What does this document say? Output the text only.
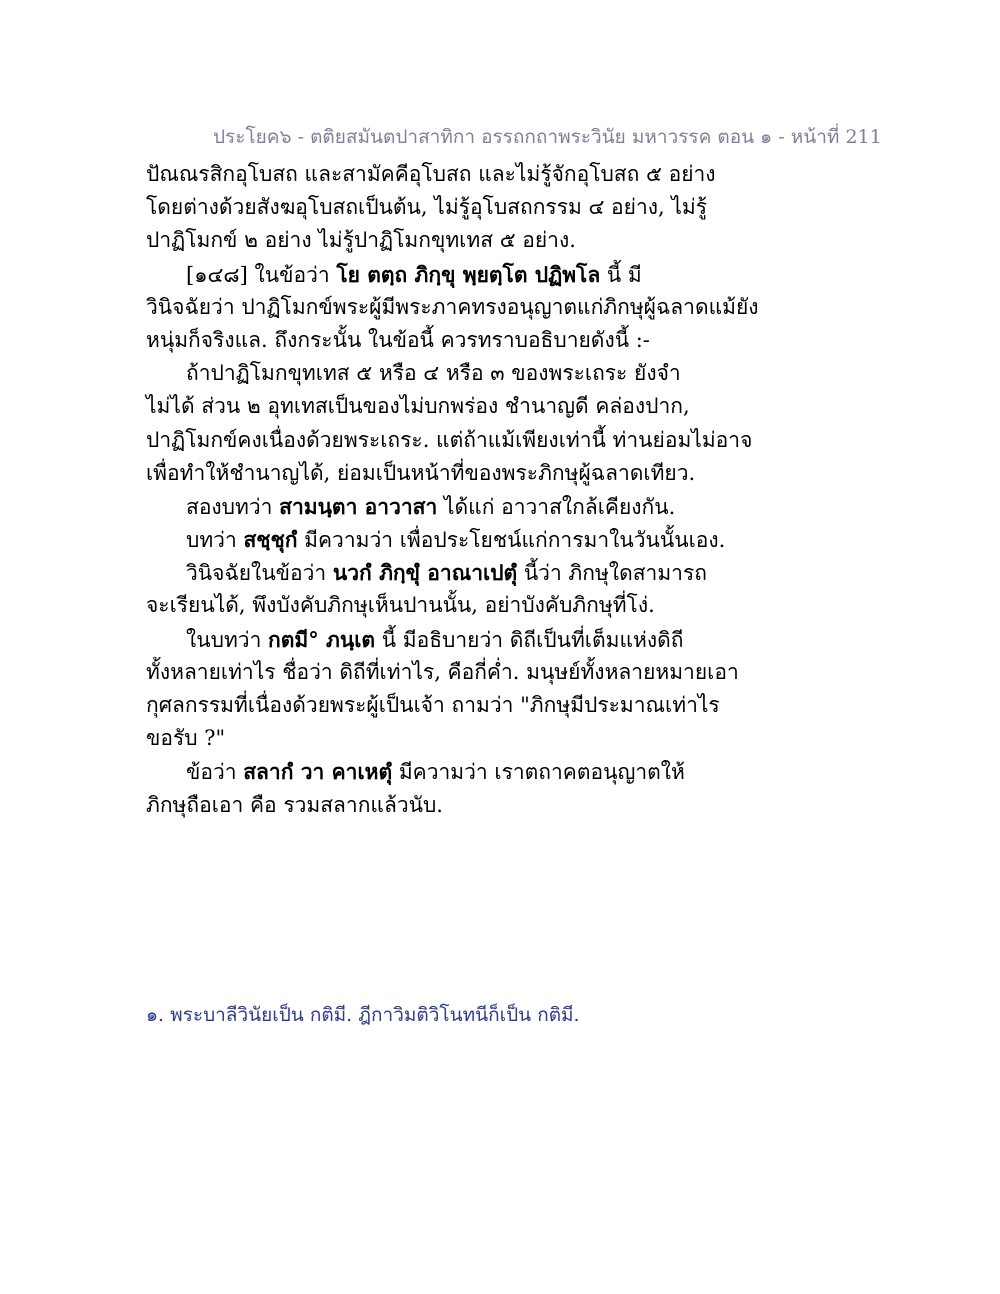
ประโยค๖ - ตติยสมันตปาสาทิกา อรรถกถาพระวินัย มหาวรรค ตอน ๑ - หน้าที่ 211
ปัณณรสิกอุโบสถ และสามัคคีอุโบสถ และไม่รู้จักอุโบสถ ๕ อย่าง
โดยต่างด้วยสังฆอุโบสถเป็นต้น, ไม่รู้อุโบสถกรรม ๔ อย่าง, ไม่รู้
ปาฏิโมกข์ ๒ อย่าง ไม่รู้ปาฏิโมกขุทเทส ๕ อย่าง.
[๑๔๘] ในข้อว่า โย ตตฺถ ภิกฺขุ พฺยตฺโต ปฏิพโล นี้ มี
วินิจฉัยว่า ปาฏิโมกข์พระผู้มีพระภาคทรงอนุญาตแก่ภิกษุผู้ฉลาดแม้ยัง
หนุ่มก็จริงแล. ถึงกระนั้น ในข้อนี้ ควรทราบอธิบายดังนี้ :-
ถ้าปาฏิโมกขุทเทส ๕ หรือ ๔ หรือ ๓ ของพระเถระ ยังจำ
ไม่ได้ ส่วน ๒ อุทเทสเป็นของไม่บกพร่อง ชำนาญดี คล่องปาก,
ปาฏิโมกข์คงเนื่องด้วยพระเถระ. แต่ถ้าแม้เพียงเท่านี้ ท่านย่อมไม่อาจ
เพื่อทำให้ชำนาญได้, ย่อมเป็นหน้าที่ของพระภิกษุผู้ฉลาดเทียว.
สองบทว่า สามนฺตา อาวาสา ได้แก่ อาวาสใกล้เคียงกัน.
บทว่า สชฺชุกํ มีความว่า เพื่อประโยชน์แก่การมาในวันนั้นเอง.
วินิจฉัยในข้อว่า นวกํ ภิกฺขุํ อาณาเปตุํ นี้ว่า ภิกษุใดสามารถ
จะเรียนได้, พึงบังคับภิกษุเห็นปานนั้น, อย่าบังคับภิกษุที่โง่.
ในบทว่า กตมี° ภนฺเต นี้ มีอธิบายว่า ดิถีเป็นที่เต็มแห่งดิถี
ทั้งหลายเท่าไร ชื่อว่า ดิถีที่เท่าไร, คือกี่ค่ำ. มนุษย์ทั้งหลายหมายเอา
กุศลกรรมที่เนื่องด้วยพระผู้เป็นเจ้า ถามว่า "ภิกษุมีประมาณเท่าไร
ขอรับ ?"
ข้อว่า สลากํ วา คาเหตุํ มีความว่า เราตถาคตอนุญาตให้
ภิกษุถือเอา คือ รวมสลากแล้วนับ.
๑. พระบาลีวินัยเป็น กติมี. ฎีกาวิมติวิโนทนีก็เป็น กติมี.
